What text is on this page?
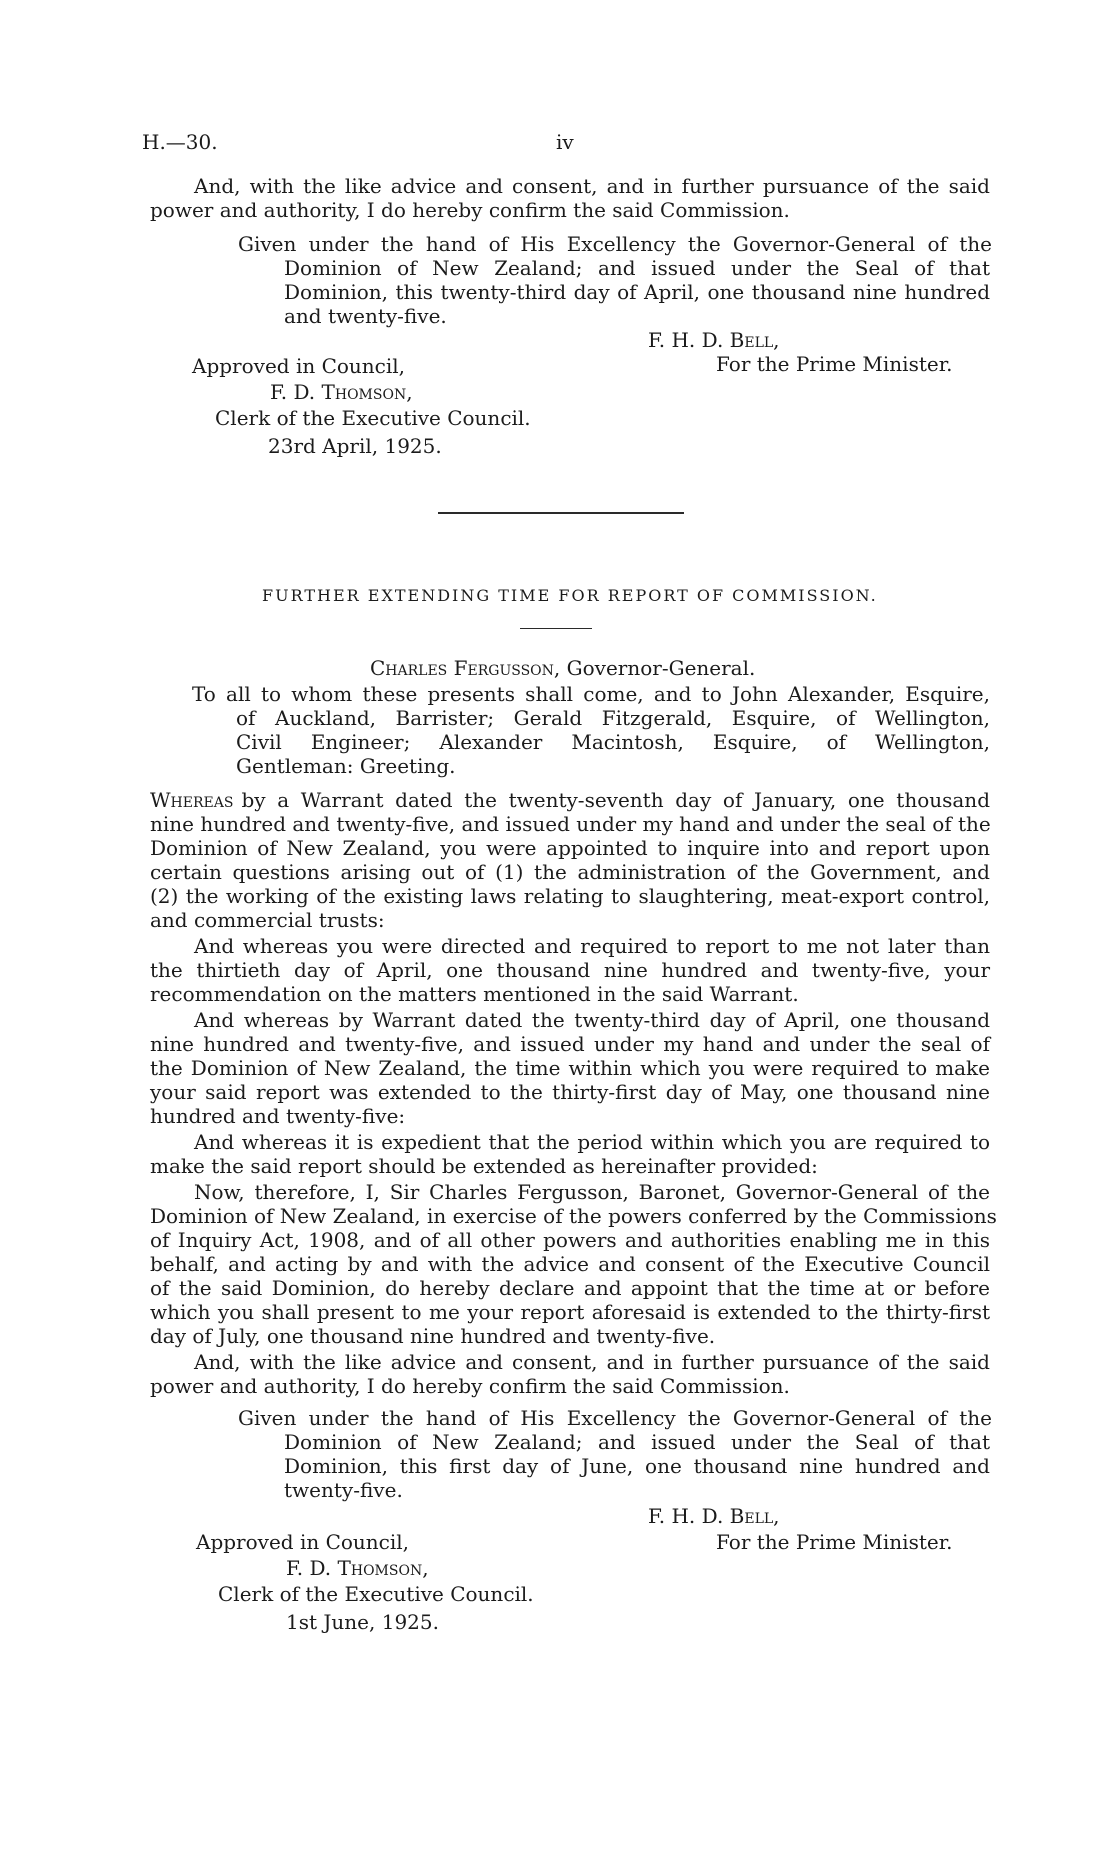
H.—30.	iv
And, with the like advice and consent, and in further pursuance of the said
power and authority, I do hereby confirm the said Commission.
Given under the hand of His Excellency the Governor-General of the
Dominion of New Zealand; and issued under the Seal of that
Dominion, this twenty-third day of April, one thousand nine hundred
and twenty-five.
F. H. D. Bell,
For the Prime Minister.
Approved in Council,
F. D. Thomson,
Clerk of the Executive Council.
23rd April, 1925.
FURTHER EXTENDING TIME FOR REPORT OF COMMISSION.
Charles Fergusson, Governor-General.
To all to whom these presents shall come, and to John Alexander, Esquire,
of Auckland, Barrister; Gerald Fitzgerald, Esquire, of Wellington,
Civil Engineer; Alexander Macintosh, Esquire, of Wellington,
Gentleman: Greeting.
Whereas by a Warrant dated the twenty-seventh day of January, one thousand
nine hundred and twenty-five, and issued under my hand and under the seal of the
Dominion of New Zealand, you were appointed to inquire into and report upon
certain questions arising out of (1) the administration of the Government, and
(2) the working of the existing laws relating to slaughtering, meat-export control,
and commercial trusts:
And whereas you were directed and required to report to me not later than
the thirtieth day of April, one thousand nine hundred and twenty-five, your
recommendation on the matters mentioned in the said Warrant.
And whereas by Warrant dated the twenty-third day of April, one thousand
nine hundred and twenty-five, and issued under my hand and under the seal of
the Dominion of New Zealand, the time within which you were required to make
your said report was extended to the thirty-first day of May, one thousand nine
hundred and twenty-five:
And whereas it is expedient that the period within which you are required to
make the said report should be extended as hereinafter provided:
Now, therefore, I, Sir Charles Fergusson, Baronet, Governor-General of the
Dominion of New Zealand, in exercise of the powers conferred by the Commissions
of Inquiry Act, 1908, and of all other powers and authorities enabling me in this
behalf, and acting by and with the advice and consent of the Executive Council
of the said Dominion, do hereby declare and appoint that the time at or before
which you shall present to me your report aforesaid is extended to the thirty-first
day of July, one thousand nine hundred and twenty-five.
And, with the like advice and consent, and in further pursuance of the said
power and authority, I do hereby confirm the said Commission.
Given under the hand of His Excellency the Governor-General of the
Dominion of New Zealand; and issued under the Seal of that
Dominion, this first day of June, one thousand nine hundred and
twenty-five.
F. H. D. Bell,
For the Prime Minister.
Approved in Council,
F. D. Thomson,
Clerk of the Executive Council.
1st June, 1925.
